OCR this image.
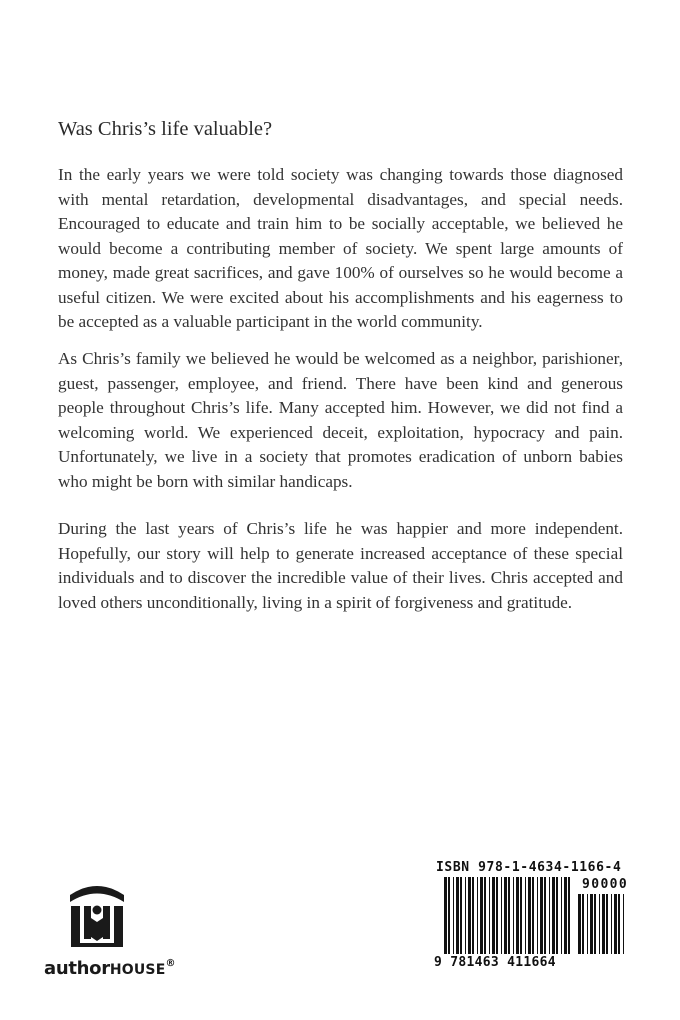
Was Chris’s life valuable?
In the early years we were told society was changing towards those diagnosed with mental retardation, developmental disadvantages, and special needs. Encouraged to educate and train him to be socially acceptable, we believed he would become a contributing member of society. We spent large amounts of money, made great sacrifices, and gave 100% of ourselves so he would become a useful citizen. We were excited about his accomplishments and his eagerness to be accepted as a valuable participant in the world community.
As Chris’s family we believed he would be welcomed as a neighbor, parishioner, guest, passenger, employee, and friend. There have been kind and generous people throughout Chris’s life. Many accepted him. However, we did not find a welcoming world. We experienced deceit, exploitation, hypocracy and pain. Unfortunately, we live in a society that promotes eradication of unborn babies who might be born with similar handicaps.
During the last years of Chris’s life he was happier and more independent. Hopefully, our story will help to generate increased acceptance of these special individuals and to discover the incredible value of their lives. Chris accepted and loved others unconditionally, living in a spirit of forgiveness and gratitude.
authorHOUSE®
ISBN 978-1-4634-1166-4
90000
9 781463 411664
